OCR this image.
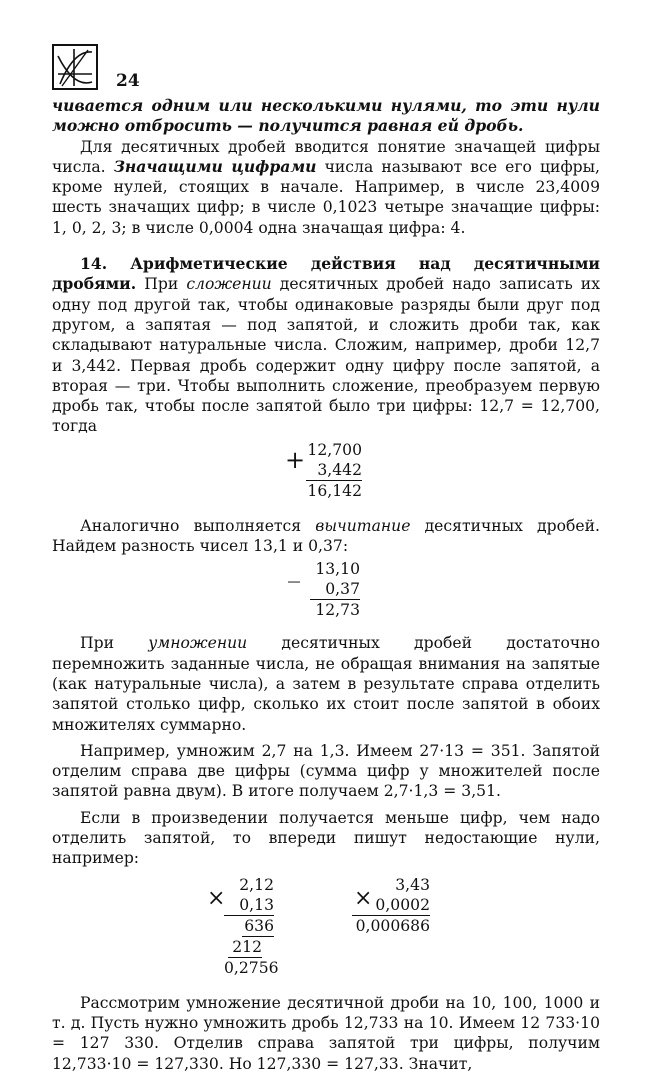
24

чивается одним или несколькими нулями, то эти нули можно отбросить — получится равная ей дробь.

Для десятичных дробей вводится понятие значащей цифры числа. Значащими цифрами числа называют все его цифры, кроме нулей, стоящих в начале. Например, в числе 23,4009 шесть значащих цифр; в числе 0,1023 четыре значащие цифры: 1, 0, 2, 3; в числе 0,0004 одна значащая цифра: 4.

14. Арифметические действия над десятичными дробями. При сложении десятичных дробей надо записать их одну под другой так, чтобы одинаковые разряды были друг под другом, а запятая — под запятой, и сложить дроби так, как складывают натуральные числа. Сложим, например, дроби 12,7 и 3,442. Первая дробь содержит одну цифру после запятой, а вторая — три. Чтобы выполнить сложение, преобразуем первую дробь так, чтобы после запятой было три цифры: 12,7 = 12,700, тогда

+ 12,700
3,442
16,142

Аналогично выполняется вычитание десятичных дробей. Найдем разность чисел 13,1 и 0,37:

_ 13,10
0,37
12,73

При умножении десятичных дробей достаточно перемножить заданные числа, не обращая внимания на запятые (как натуральные числа), а затем в результате справа отделить запятой столько цифр, сколько их стоит после запятой в обоих множителях суммарно.

Например, умножим 2,7 на 1,3. Имеем 27·13 = 351. Запятой отделим справа две цифры (сумма цифр у множителей после запятой равна двум). В итоге получаем 2,7·1,3 = 3,51.

Если в произведении получается меньше цифр, чем надо отделить запятой, то впереди пишут недостающие нули, например:

×
2,12
0,13
636
212
0,2756
×
3,43
0,0002
0,000686

Рассмотрим умножение десятичной дроби на 10, 100, 1000 и т. д. Пусть нужно умножить дробь 12,733 на 10. Имеем 12 733·10 = 127 330. Отделив справа запятой три цифры, получим 12,733·10 = 127,330. Но 127,330 = 127,33. Значит,
